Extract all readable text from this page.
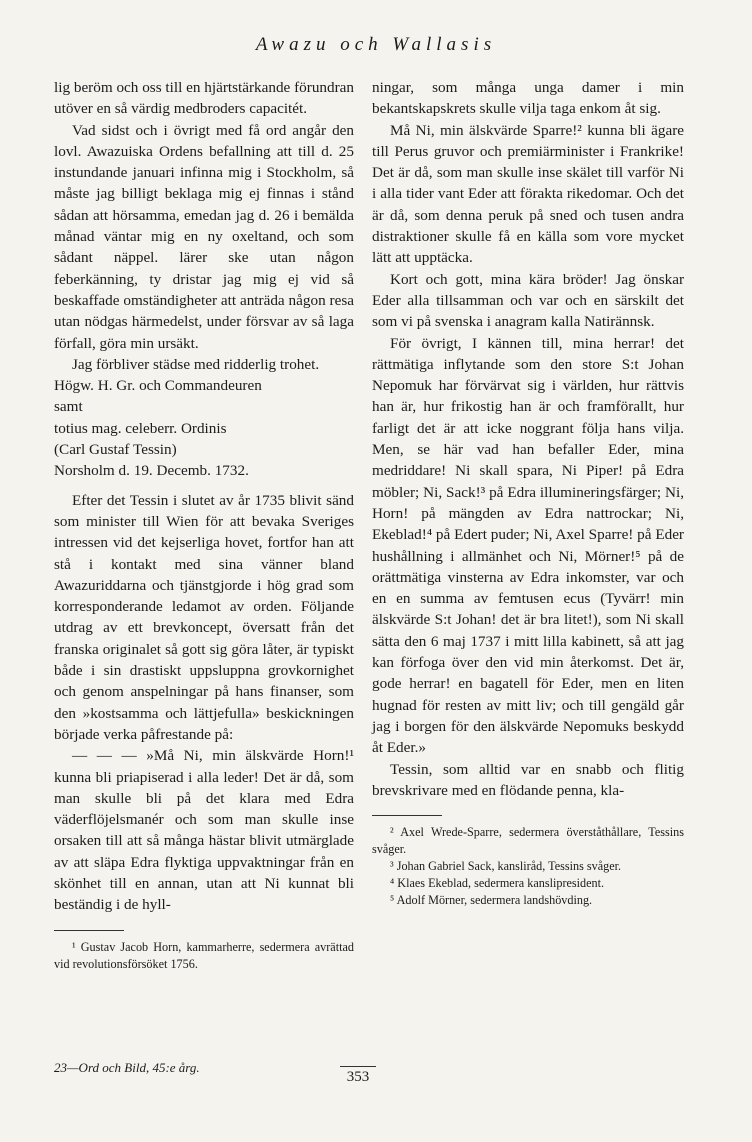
Awazu och Wallasis

lig beröm och oss till en hjärtstärkande förundran utöver en så värdig medbroders capacitét.

Vad sidst och i övrigt med få ord angår den lovl. Awazuiska Ordens befallning att till d. 25 instundande januari infinna mig i Stockholm, så måste jag billigt beklaga mig ej finnas i stånd sådan att hörsamma, emedan jag d. 26 i bemälda månad väntar mig en ny oxeltand, och som sådant näppel. lärer ske utan någon feberkänning, ty dristar jag mig ej vid så beskaffade omständigheter att anträda någon resa utan nödgas härmedelst, under försvar av så laga förfall, göra min ursäkt.

Jag förbliver städse med ridderlig trohet.

Högw. H. Gr. och Commandeuren

samt

totius mag. celeberr. Ordinis

(Carl Gustaf Tessin)

Norsholm d. 19. Decemb. 1732.

Efter det Tessin i slutet av år 1735 blivit sänd som minister till Wien för att bevaka Sveriges intressen vid det kejserliga hovet, fortfor han att stå i kontakt med sina vänner bland Awazuriddarna och tjänstgjorde i hög grad som korresponderande ledamot av orden. Följande utdrag av ett brevkoncept, översatt från det franska originalet så gott sig göra låter, är typiskt både i sin drastiskt uppsluppna grovkornighet och genom anspelningar på hans finanser, som den »kostsamma och lättjefulla» beskickningen började verka påfrestande på:

— — — »Må Ni, min älskvärde Horn!¹ kunna bli priapiserad i alla leder! Det är då, som man skulle bli på det klara med Edra väderflöjelsmanér och som man skulle inse orsaken till att så många hästar blivit utmärglade av att släpa Edra flyktiga uppvaktningar från en skönhet till en annan, utan att Ni kunnat bli beständig i de hyll-

¹ Gustav Jacob Horn, kammarherre, sedermera avrättad vid revolutionsförsöket 1756.

ningar, som många unga damer i min bekantskapskrets skulle vilja taga enkom åt sig.

Må Ni, min älskvärde Sparre!² kunna bli ägare till Perus gruvor och premiärminister i Frankrike! Det är då, som man skulle inse skälet till varför Ni i alla tider vant Eder att förakta rikedomar. Och det är då, som denna peruk på sned och tusen andra distraktioner skulle få en källa som vore mycket lätt att upptäcka.

Kort och gott, mina kära bröder! Jag önskar Eder alla tillsamman och var och en särskilt det som vi på svenska i anagram kalla Natirännsk.

För övrigt, I kännen till, mina herrar! det rättmätiga inflytande som den store S:t Johan Nepomuk har förvärvat sig i världen, hur rättvis han är, hur frikostig han är och framförallt, hur farligt det är att icke noggrant följa hans vilja. Men, se här vad han befaller Eder, mina medriddare! Ni skall spara, Ni Piper! på Edra möbler; Ni, Sack!³ på Edra illumineringsfärger; Ni, Horn! på mängden av Edra nattrockar; Ni, Ekeblad!⁴ på Edert puder; Ni, Axel Sparre! på Eder hushållning i allmänhet och Ni, Mörner!⁵ på de orättmätiga vinsterna av Edra inkomster, var och en en summa av femtusen ecus (Tyvärr! min älskvärde S:t Johan! det är bra litet!), som Ni skall sätta den 6 maj 1737 i mitt lilla kabinett, så att jag kan förfoga över den vid min återkomst. Det är, gode herrar! en bagatell för Eder, men en liten hugnad för resten av mitt liv; och till gengäld går jag i borgen för den älskvärde Nepomuks beskydd åt Eder.»

Tessin, som alltid var en snabb och flitig brevskrivare med en flödande penna, kla-

² Axel Wrede-Sparre, sedermera överståthållare, Tessins svåger.

³ Johan Gabriel Sack, kansliråd, Tessins svåger.

⁴ Klaes Ekeblad, sedermera kanslipresident.

⁵ Adolf Mörner, sedermera landshövding.

23—Ord och Bild, 45:e årg.
353
